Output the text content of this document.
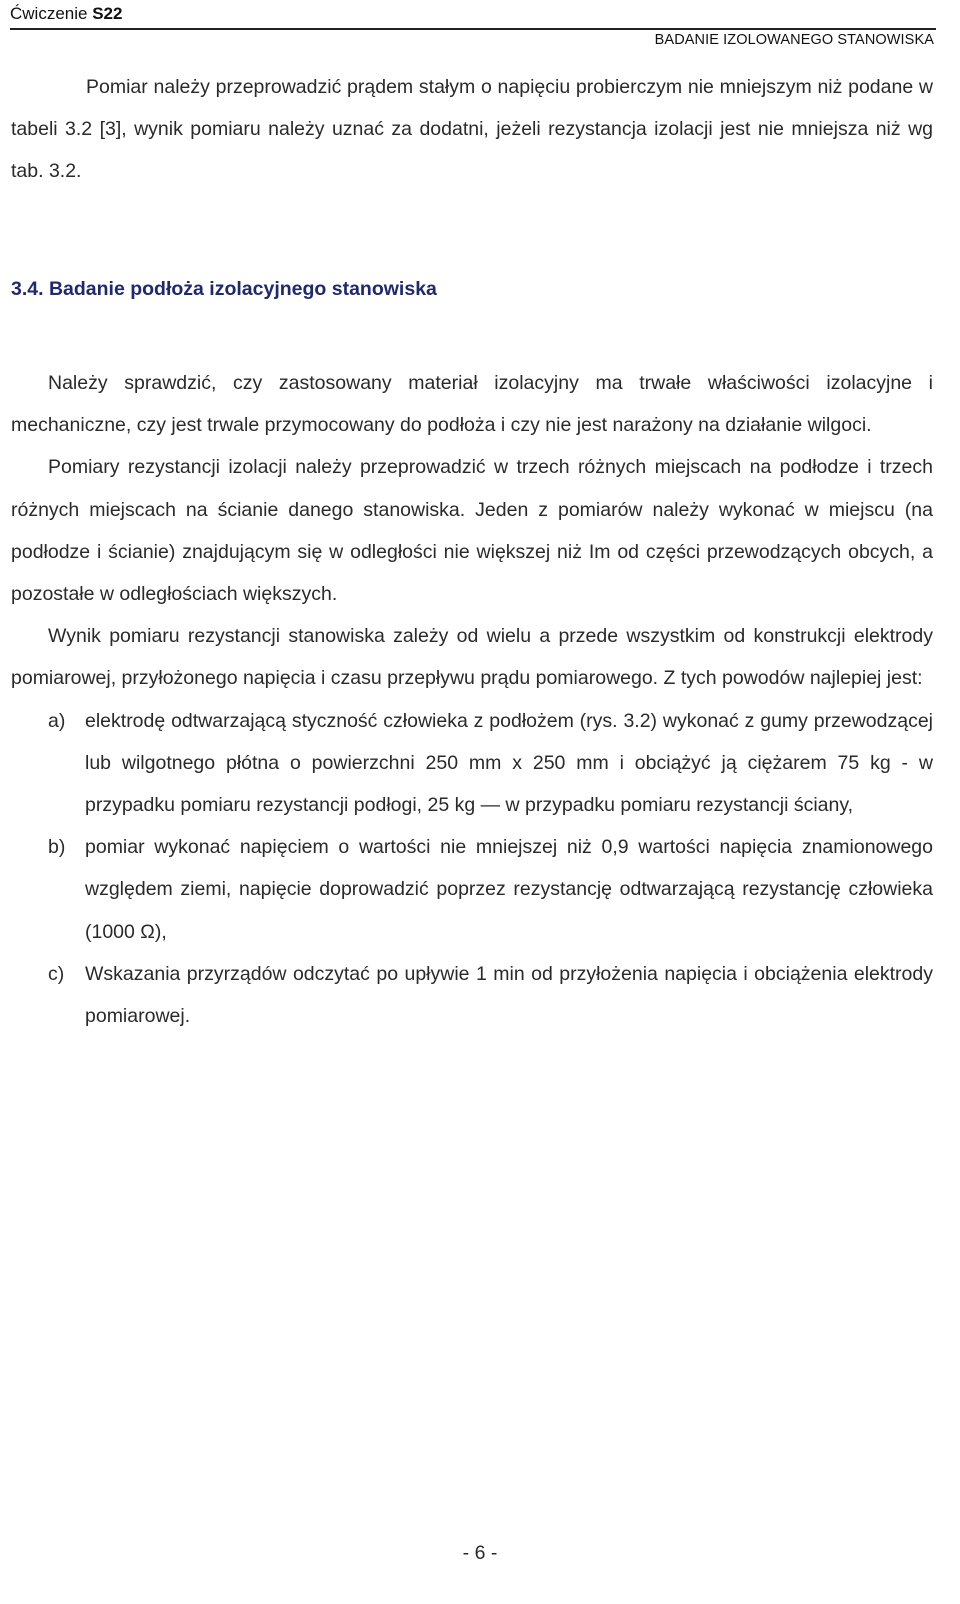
Ćwiczenie S22
BADANIE IZOLOWANEGO STANOWISKA

Pomiar należy przeprowadzić prądem stałym o napięciu probierczym nie mniejszym niż podane w tabeli 3.2 [3], wynik pomiaru należy uznać za dodatni, jeżeli rezystancja izolacji jest nie mniejsza niż wg tab. 3.2.

3.4. Badanie podłoża izolacyjnego stanowiska

Należy sprawdzić, czy zastosowany materiał izolacyjny ma trwałe właściwości izolacyjne i mechaniczne, czy jest trwale przymocowany do podłoża i czy nie jest narażony na działanie wilgoci.

Pomiary rezystancji izolacji należy przeprowadzić w trzech różnych miejscach na podłodze i trzech różnych miejscach na ścianie danego stanowiska. Jeden z pomiarów należy wykonać w miejscu (na podłodze i ścianie) znajdującym się w odległości nie większej niż Im od części przewodzących obcych, a pozostałe w odległościach większych.

Wynik pomiaru rezystancji stanowiska zależy od wielu a przede wszystkim od konstrukcji elektrody pomiarowej, przyłożonego napięcia i czasu przepływu prądu pomiarowego. Z tych powodów najlepiej jest:

a) elektrodę odtwarzającą styczność człowieka z podłożem (rys. 3.2) wykonać z gumy przewodzącej lub wilgotnego płótna o powierzchni 250 mm x 250 mm i obciążyć ją ciężarem 75 kg - w przypadku pomiaru rezystancji podłogi, 25 kg — w przypadku pomiaru rezystancji ściany,
b) pomiar wykonać napięciem o wartości nie mniejszej niż 0,9 wartości napięcia znamionowego względem ziemi, napięcie doprowadzić poprzez rezystancję odtwarzającą rezystancję człowieka (1000 Ω),
c) Wskazania przyrządów odczytać po upływie 1 min od przyłożenia napięcia i obciążenia elektrody pomiarowej.
- 6 -
